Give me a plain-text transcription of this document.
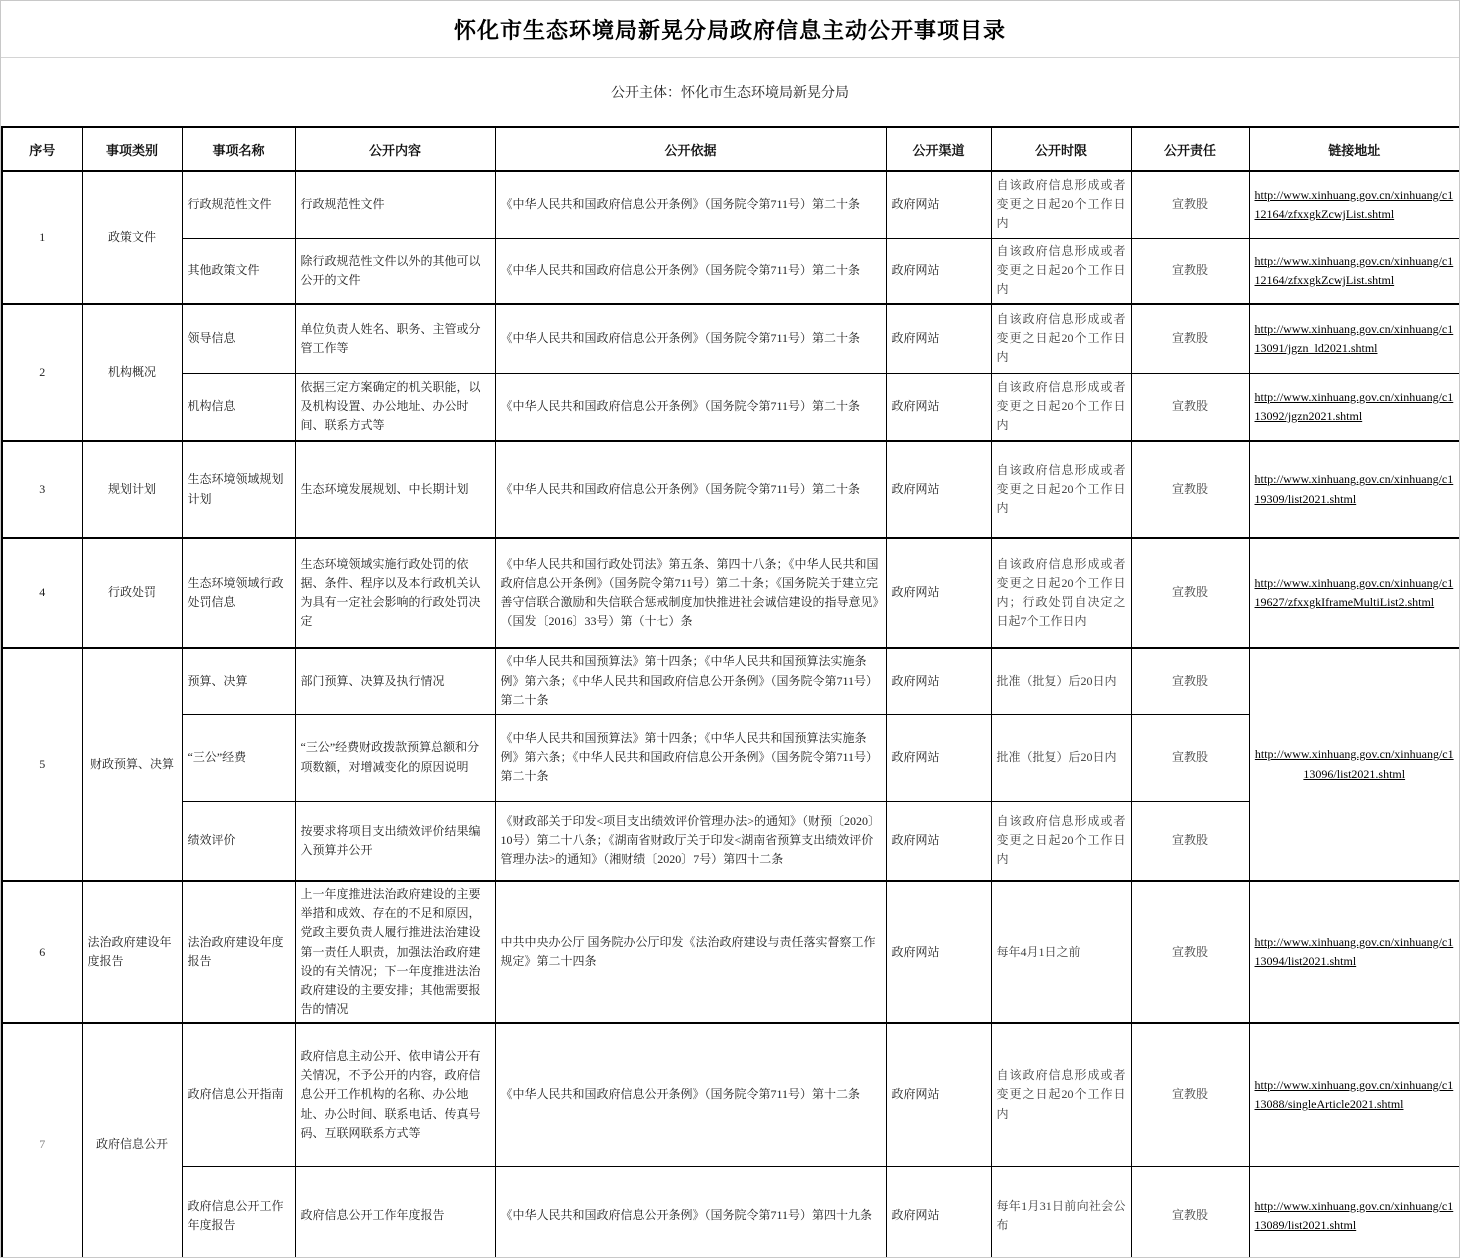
怀化市生态环境局新晃分局政府信息主动公开事项目录
公开主体：怀化市生态环境局新晃分局
序号	事项类别	事项名称	公开内容	公开依据	公开渠道	公开时限	公开责任	链接地址
1	政策文件	行政规范性文件	行政规范性文件	《中华人民共和国政府信息公开条例》（国务院令第711号）第二十条	政府网站	自该政府信息形成或者变更之日起20个工作日内	宣教股	http://www.xinhuang.gov.cn/xinhuang/c112164/zfxxgkZcwjList.shtml
		其他政策文件	除行政规范性文件以外的其他可以公开的文件	《中华人民共和国政府信息公开条例》（国务院令第711号）第二十条	政府网站	自该政府信息形成或者变更之日起20个工作日内	宣教股	http://www.xinhuang.gov.cn/xinhuang/c112164/zfxxgkZcwjList.shtml
2	机构概况	领导信息	单位负责人姓名、职务、主管或分管工作等	《中华人民共和国政府信息公开条例》（国务院令第711号）第二十条	政府网站	自该政府信息形成或者变更之日起20个工作日内	宣教股	http://www.xinhuang.gov.cn/xinhuang/c113091/jgzn_ld2021.shtml
		机构信息	依据三定方案确定的机关职能，以及机构设置、办公地址、办公时间、联系方式等	《中华人民共和国政府信息公开条例》（国务院令第711号）第二十条	政府网站	自该政府信息形成或者变更之日起20个工作日内	宣教股	http://www.xinhuang.gov.cn/xinhuang/c113092/jgzn2021.shtml
3	规划计划	生态环境领域规划计划	生态环境发展规划、中长期计划	《中华人民共和国政府信息公开条例》（国务院令第711号）第二十条	政府网站	自该政府信息形成或者变更之日起20个工作日内	宣教股	http://www.xinhuang.gov.cn/xinhuang/c119309/list2021.shtml
4	行政处罚	生态环境领域行政处罚信息	生态环境领域实施行政处罚的依据、条件、程序以及本行政机关认为具有一定社会影响的行政处罚决定	《中华人民共和国行政处罚法》第五条、第四十八条；《中华人民共和国政府信息公开条例》（国务院令第711号）第二十条；《国务院关于建立完善守信联合激励和失信联合惩戒制度加快推进社会诚信建设的指导意见》（国发〔2016〕33号）第（十七）条	政府网站	自该政府信息形成或者变更之日起20个工作日内；行政处罚自决定之日起7个工作日内	宣教股	http://www.xinhuang.gov.cn/xinhuang/c119627/zfxxgkIframeMultiList2.shtml
5	财政预算、决算	预算、决算	部门预算、决算及执行情况	《中华人民共和国预算法》第十四条；《中华人民共和国预算法实施条例》第六条；《中华人民共和国政府信息公开条例》（国务院令第711号）第二十条	政府网站	批准（批复）后20日内	宣教股	http://www.xinhuang.gov.cn/xinhuang/c113096/list2021.shtml
		“三公”经费	“三公”经费财政拨款预算总额和分项数额，对增减变化的原因说明	《中华人民共和国预算法》第十四条；《中华人民共和国预算法实施条例》第六条；《中华人民共和国政府信息公开条例》（国务院令第711号）第二十条	政府网站	批准（批复）后20日内	宣教股	
		绩效评价	按要求将项目支出绩效评价结果编入预算并公开	《财政部关于印发<项目支出绩效评价管理办法>的通知》（财预〔2020〕10号）第二十八条；《湖南省财政厅关于印发<湖南省预算支出绩效评价管理办法>的通知》（湘财绩〔2020〕7号）第四十二条	政府网站	自该政府信息形成或者变更之日起20个工作日内	宣教股	
6	法治政府建设年度报告	法治政府建设年度报告	上一年度推进法治政府建设的主要举措和成效、存在的不足和原因，党政主要负责人履行推进法治建设第一责任人职责，加强法治政府建设的有关情况；下一年度推进法治政府建设的主要安排；其他需要报告的情况	中共中央办公厅 国务院办公厅印发《法治政府建设与责任落实督察工作规定》第二十四条	政府网站	每年4月1日之前	宣教股	http://www.xinhuang.gov.cn/xinhuang/c113094/list2021.shtml
7	政府信息公开	政府信息公开指南	政府信息主动公开、依申请公开有关情况，不予公开的内容，政府信息公开工作机构的名称、办公地址、办公时间、联系电话、传真号码、互联网联系方式等	《中华人民共和国政府信息公开条例》（国务院令第711号）第十二条	政府网站	自该政府信息形成或者变更之日起20个工作日内	宣教股	http://www.xinhuang.gov.cn/xinhuang/c113088/singleArticle2021.shtml
		政府信息公开工作年度报告	政府信息公开工作年度报告	《中华人民共和国政府信息公开条例》（国务院令第711号）第四十九条	政府网站	每年1月31日前向社会公布	宣教股	http://www.xinhuang.gov.cn/xinhuang/c113089/list2021.shtml
